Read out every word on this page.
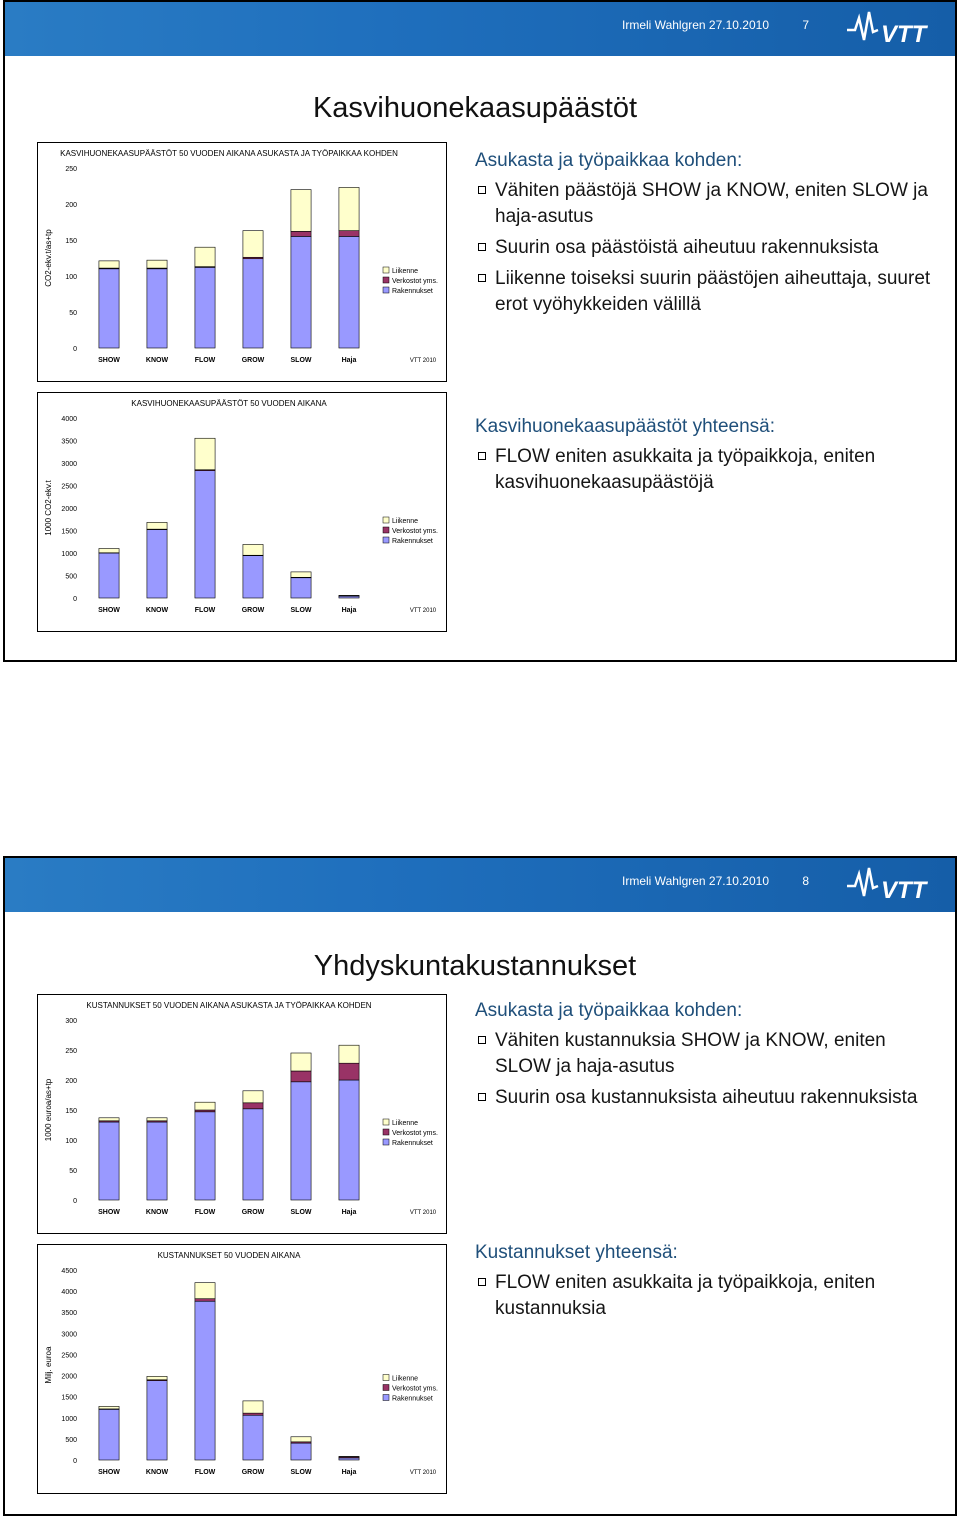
Irmeli Wahlgren 27.10.2010	7	VTT
Kasvihuonekaasupäästöt
KASVIHUONEKAASUPÄÄSTÖT 50 VUODEN AIKANA ASUKASTA JA TYÖPAIKKAA KOHDEN
CO2-ekv.t/as+tp
0
50
100
150
200
250
SHOW	KNOW	FLOW	GROW	SLOW	Haja
Liikenne
Verkostot yms.
Rakennukset
VTT 2010
KASVIHUONEKAASUPÄÄSTÖT 50 VUODEN AIKANA
1000 CO2-ekv.t
0
500
1000
1500
2000
2500
3000
3500
4000
SHOW	KNOW	FLOW	GROW	SLOW	Haja
Liikenne
Verkostot yms.
Rakennukset
VTT 2010
Asukasta ja työpaikkaa kohden:
Vähiten päästöjä SHOW ja KNOW, eniten SLOW ja haja-asutus
Suurin osa päästöistä aiheutuu rakennuksista
Liikenne toiseksi suurin päästöjen aiheuttaja, suuret erot vyöhykkeiden välillä
Kasvihuonekaasupäästöt yhteensä:
FLOW eniten asukkaita ja työpaikkoja, eniten kasvihuonekaasupäästöjä
Irmeli Wahlgren 27.10.2010	8	VTT
Yhdyskuntakustannukset
KUSTANNUKSET 50 VUODEN AIKANA ASUKASTA JA TYÖPAIKKAA KOHDEN
1000 euroa/as+tp
0
50
100
150
200
250
300
SHOW	KNOW	FLOW	GROW	SLOW	Haja
Liikenne
Verkostot yms.
Rakennukset
VTT 2010
KUSTANNUKSET 50 VUODEN AIKANA
Milj. euroa
0
500
1000
1500
2000
2500
3000
3500
4000
4500
SHOW	KNOW	FLOW	GROW	SLOW	Haja
Liikenne
Verkostot yms.
Rakennukset
VTT 2010
Asukasta ja työpaikkaa kohden:
Vähiten kustannuksia SHOW ja KNOW, eniten SLOW ja haja-asutus
Suurin osa kustannuksista aiheutuu rakennuksista
Kustannukset yhteensä:
FLOW eniten asukkaita ja työpaikkoja, eniten kustannuksia
